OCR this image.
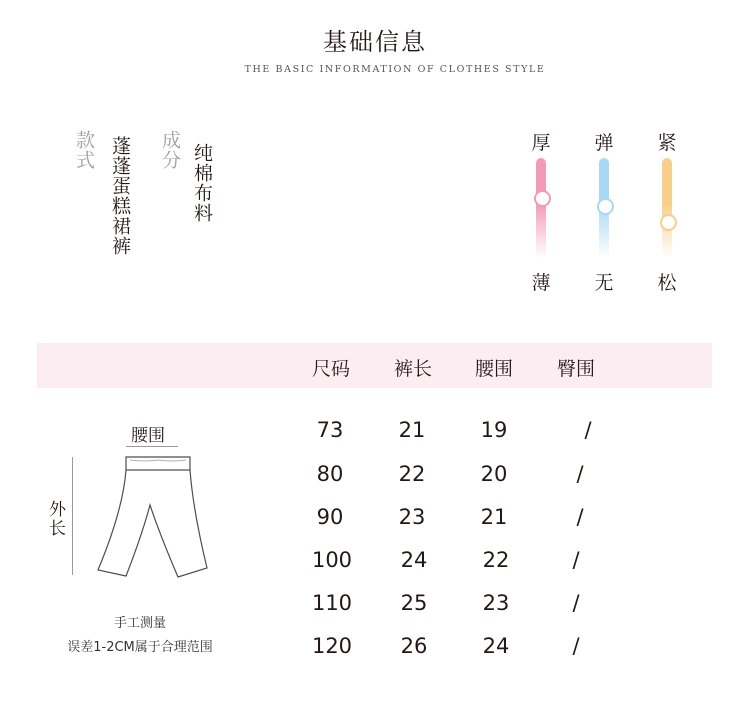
基础信息
THE BASIC INFORMATION OF CLOTHES STYLE
款式 蓬蓬蛋糕裙裤 成分 纯棉布料	厚
薄
弹
无
紧
松
尺码 裤长 腰围 臀围
73	21	19	/
80	22	20	/
90	23	21	/
100	24	22	/
110	25	23	/
120	26	24	/
腰围
外长
手工测量
误差1-2CM属于合理范围
